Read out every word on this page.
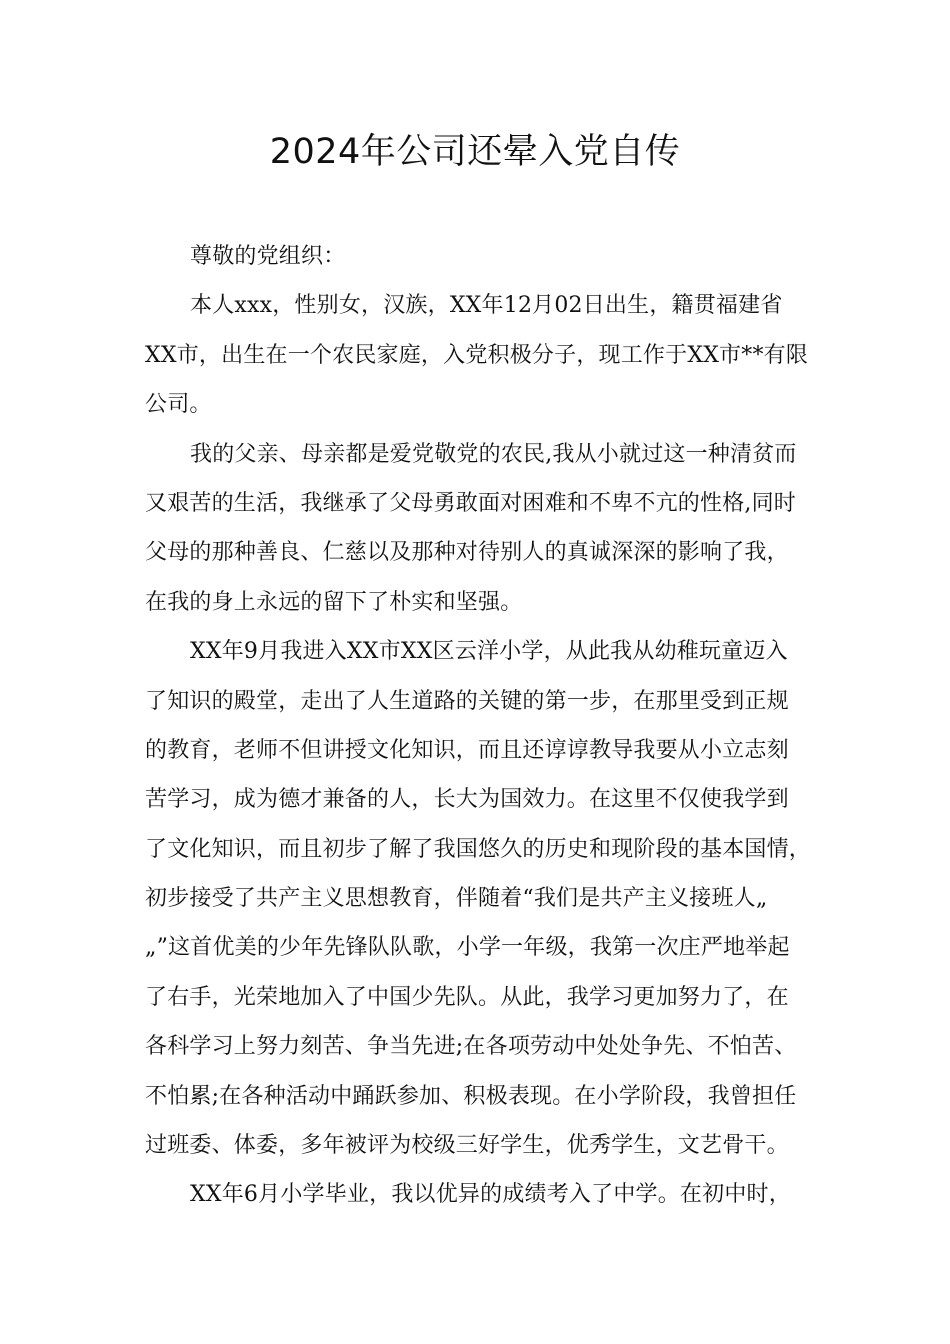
2024年公司还晕入党自传
尊敬的党组织：
本人xxx，性别女，汉族，XX年12月02日出生，籍贯福建省
XX市，出生在一个农民家庭，入党积极分子，现工作于XX市**有限
公司。
我的父亲、母亲都是爱党敬党的农民,我从小就过这一种清贫而
又艰苦的生活，我继承了父母勇敢面对困难和不卑不亢的性格,同时
父母的那种善良、仁慈以及那种对待别人的真诚深深的影响了我，
在我的身上永远的留下了朴实和坚强。
XX年9月我进入XX市XX区云洋小学，从此我从幼稚玩童迈入
了知识的殿堂，走出了人生道路的关键的第一步，在那里受到正规
的教育，老师不但讲授文化知识，而且还谆谆教导我要从小立志刻
苦学习，成为德才兼备的人，长大为国效力。在这里不仅使我学到
了文化知识，而且初步了解了我国悠久的历史和现阶段的基本国情，
初步接受了共产主义思想教育，伴随着“我们是共产主义接班人„
„”这首优美的少年先锋队队歌，小学一年级，我第一次庄严地举起
了右手，光荣地加入了中国少先队。从此，我学习更加努力了，在
各科学习上努力刻苦、争当先进;在各项劳动中处处争先、不怕苦、
不怕累;在各种活动中踊跃参加、积极表现。在小学阶段，我曾担任
过班委、体委，多年被评为校级三好学生，优秀学生，文艺骨干。
XX年6月小学毕业，我以优异的成绩考入了中学。在初中时，
